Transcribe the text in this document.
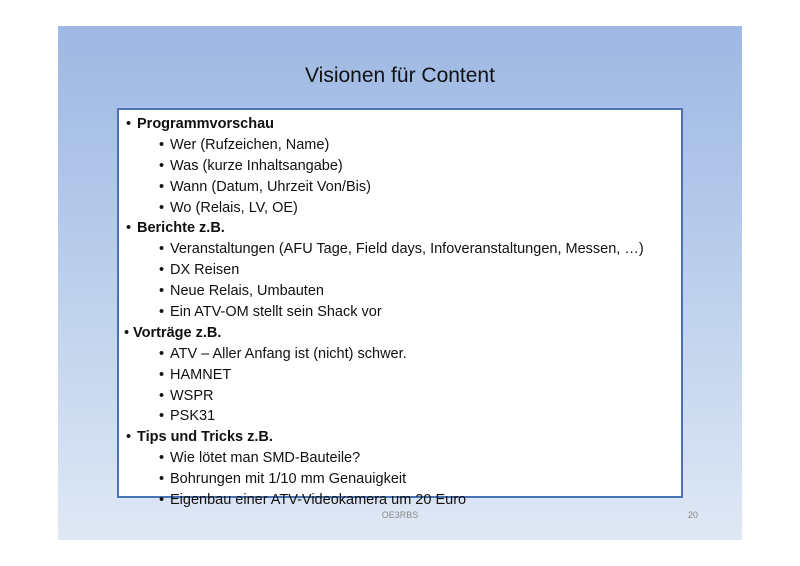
Visionen für Content
• Programmvorschau
• Wer (Rufzeichen, Name)
• Was (kurze Inhaltsangabe)
• Wann (Datum, Uhrzeit Von/Bis)
• Wo (Relais, LV, OE)
• Berichte z.B.
• Veranstaltungen (AFU Tage, Field days, Infoveranstaltungen, Messen, …)
• DX Reisen
• Neue Relais, Umbauten
• Ein ATV-OM stellt sein Shack vor
• Vorträge z.B.
• ATV – Aller Anfang ist (nicht) schwer.
• HAMNET
• WSPR
• PSK31
• Tips und Tricks z.B.
• Wie lötet man SMD-Bauteile?
• Bohrungen mit 1/10 mm Genauigkeit
• Eigenbau einer ATV-Videokamera um 20 Euro
OE3RBS	20
